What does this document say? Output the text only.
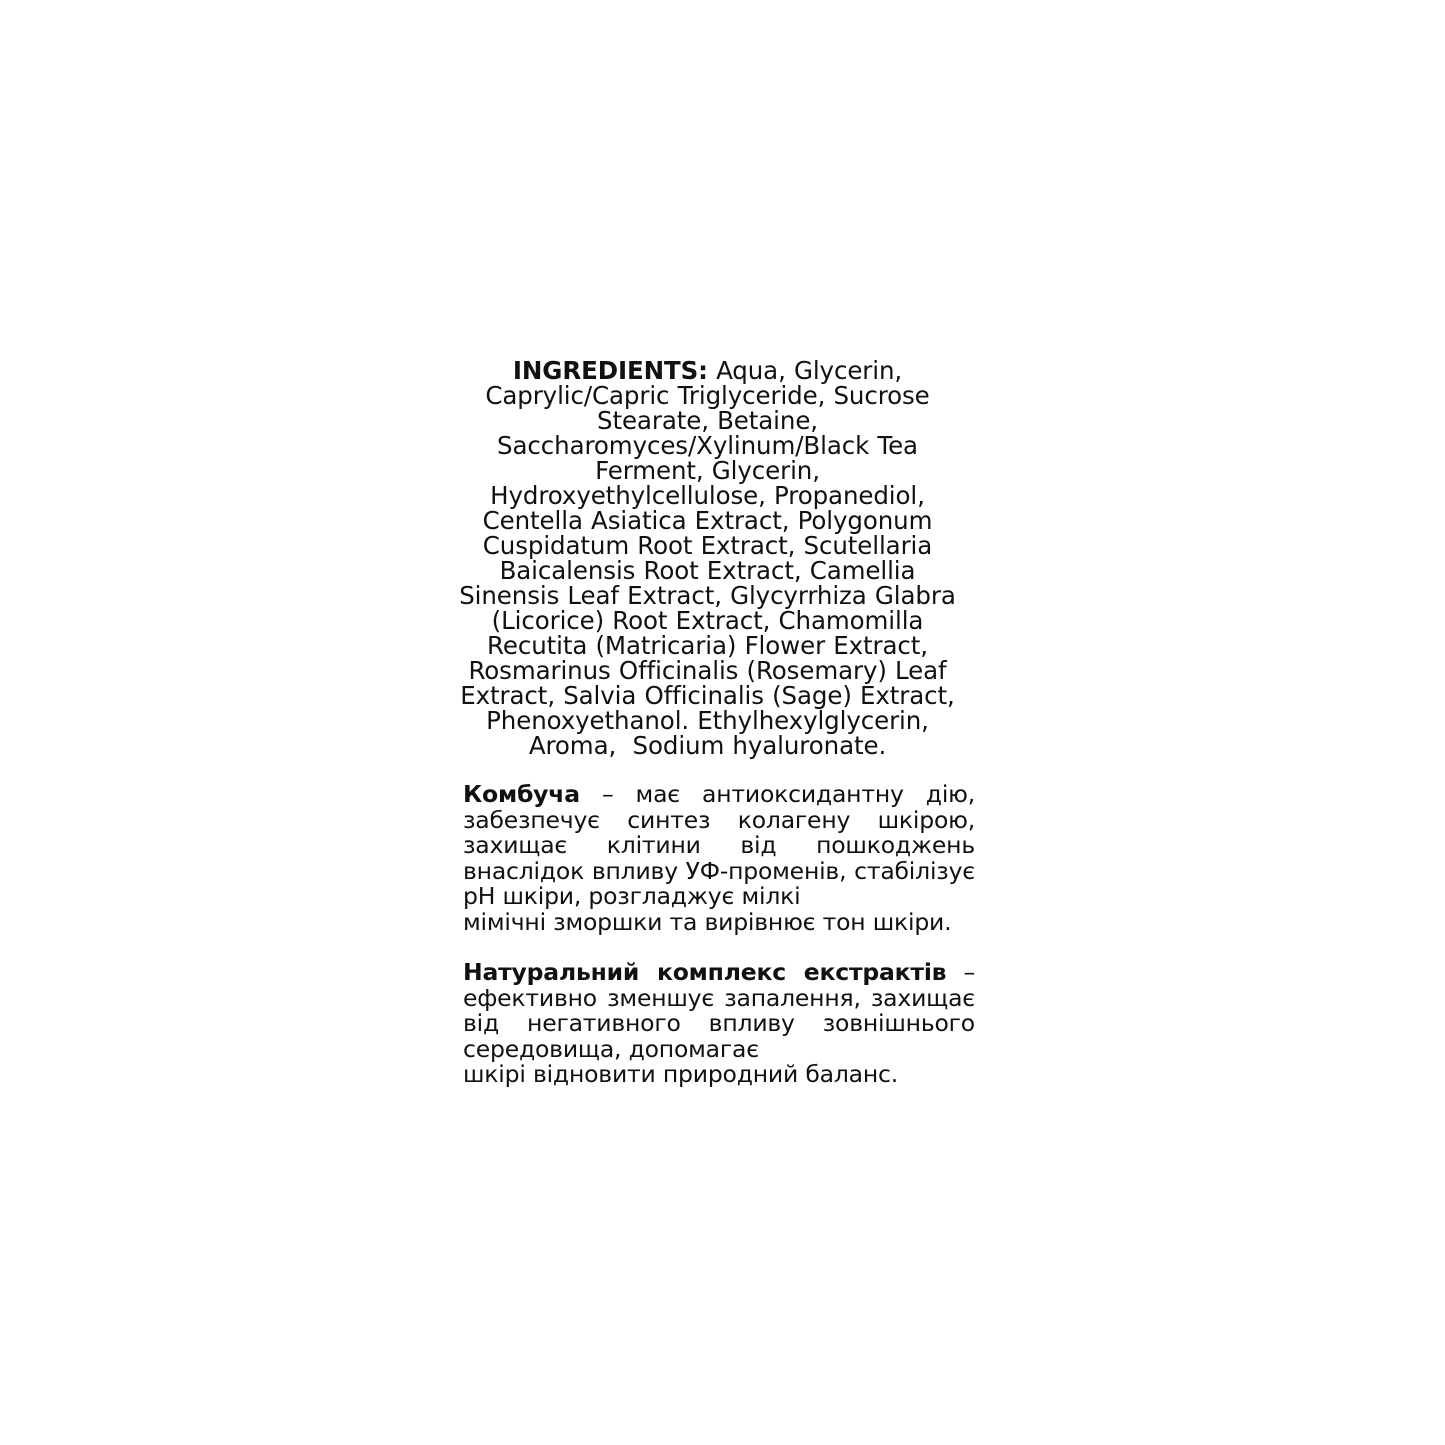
INGREDIENTS: Aqua, Glycerin, Caprylic/Capric Triglyceride, Sucrose Stearate, Betaine, Saccharomyces/Xylinum/Black Tea Ferment, Glycerin, Hydroxyethylcellulose, Propanediol, Centella Asiatica Extract, Polygonum Cuspidatum Root Extract, Scutellaria Baicalensis Root Extract, Camellia Sinensis Leaf Extract, Glycyrrhiza Glabra (Licorice) Root Extract, Chamomilla Recutita (Matricaria) Flower Extract, Rosmarinus Officinalis (Rosemary) Leaf Extract, Salvia Officinalis (Sage) Extract, Phenoxyethanol. Ethylhexylglycerin, Aroma,  Sodium hyaluronate.

Комбуча – має антиоксидантну дію, забезпечує синтез колагену шкірою, захищає клітини від пошкоджень внаслідок впливу УФ-променів, стабілізує pH шкіри, розгладжує мілкі
мімічні зморшки та вирівнює тон шкіри.

Натуральний комплекс екстрактів – ефективно зменшує запалення, захищає від негативного впливу зовнішнього середовища, допомагає
шкірі відновити природний баланс.
